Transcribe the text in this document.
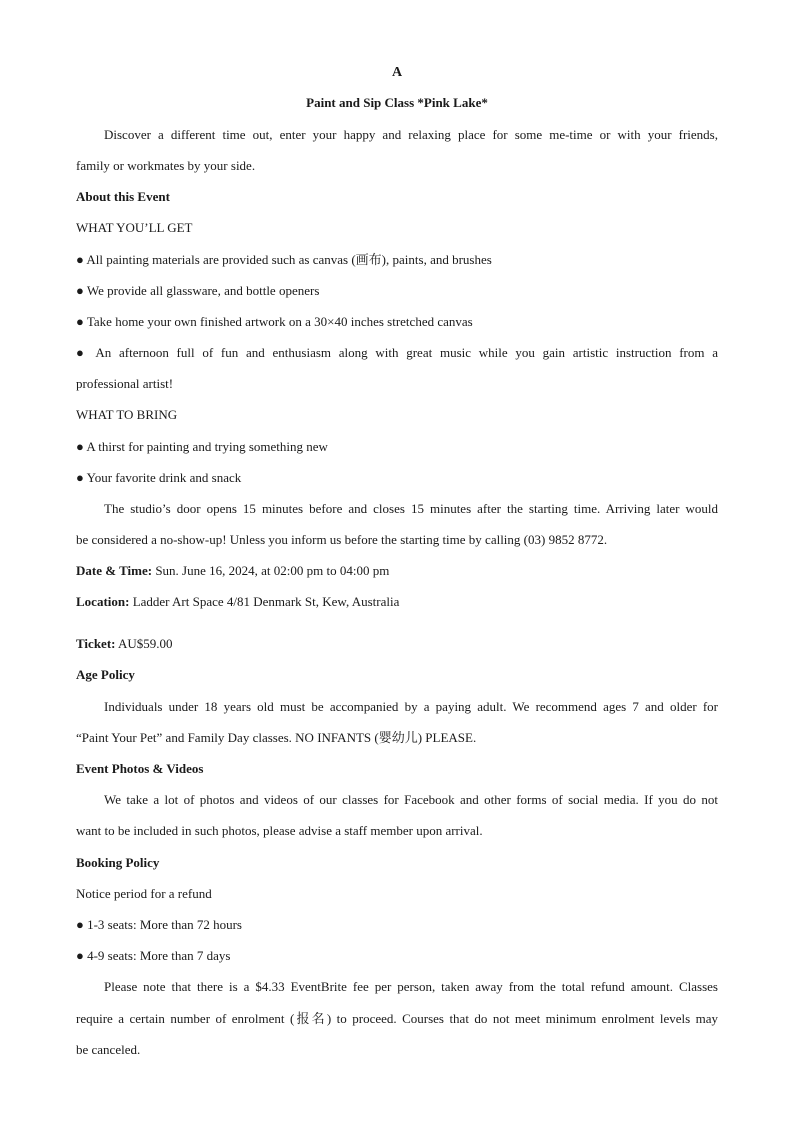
A
Paint and Sip Class *Pink Lake*
Discover a different time out, enter your happy and relaxing place for some me-time or with your friends,
family or workmates by your side.
About this Event
WHAT YOU’LL GET
● All painting materials are provided such as canvas (画布), paints, and brushes
● We provide all glassware, and bottle openers
● Take home your own finished artwork on a 30×40 inches stretched canvas
● An afternoon full of fun and enthusiasm along with great music while you gain artistic instruction from a
professional artist!
WHAT TO BRING
● A thirst for painting and trying something new
● Your favorite drink and snack
The studio’s door opens 15 minutes before and closes 15 minutes after the starting time. Arriving later would
be considered a no-show-up! Unless you inform us before the starting time by calling (03) 9852 8772.
Date & Time: Sun. June 16, 2024, at 02:00 pm to 04:00 pm
Location: Ladder Art Space 4/81 Denmark St, Kew, Australia
Ticket: AU$59.00
Age Policy
Individuals under 18 years old must be accompanied by a paying adult. We recommend ages 7 and older for
“Paint Your Pet” and Family Day classes. NO INFANTS (婴幼儿) PLEASE.
Event Photos & Videos
We take a lot of photos and videos of our classes for Facebook and other forms of social media. If you do not
want to be included in such photos, please advise a staff member upon arrival.
Booking Policy
Notice period for a refund
● 1-3 seats: More than 72 hours
● 4-9 seats: More than 7 days
Please note that there is a $4.33 EventBrite fee per person, taken away from the total refund amount. Classes
require a certain number of enrolment (报名) to proceed. Courses that do not meet minimum enrolment levels may
be canceled.
